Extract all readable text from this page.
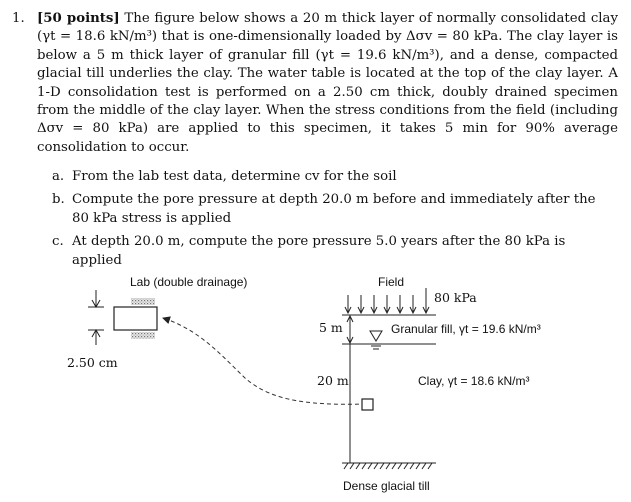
1. [50 points] The figure below shows a 20 m thick layer of normally consolidated clay (γt = 18.6 kN/m³) that is one-dimensionally loaded by Δσv = 80 kPa. The clay layer is below a 5 m thick layer of granular fill (γt = 19.6 kN/m³), and a dense, compacted glacial till underlies the clay. The water table is located at the top of the clay layer. A 1-D consolidation test is performed on a 2.50 cm thick, doubly drained specimen from the middle of the clay layer. When the stress conditions from the field (including Δσv = 80 kPa) are applied to this specimen, it takes 5 min for 90% average consolidation to occur.
a. From the lab test data, determine cv for the soil
b. Compute the pore pressure at depth 20.0 m before and immediately after the 80 kPa stress is applied
c. At depth 20.0 m, compute the pore pressure 5.0 years after the 80 kPa is applied
Lab (double drainage)
2.50 cm
Field
80 kPa
5 m	Granular fill, γt = 19.6 kN/m³
20 m	Clay, γt = 18.6 kN/m³
Dense glacial till
